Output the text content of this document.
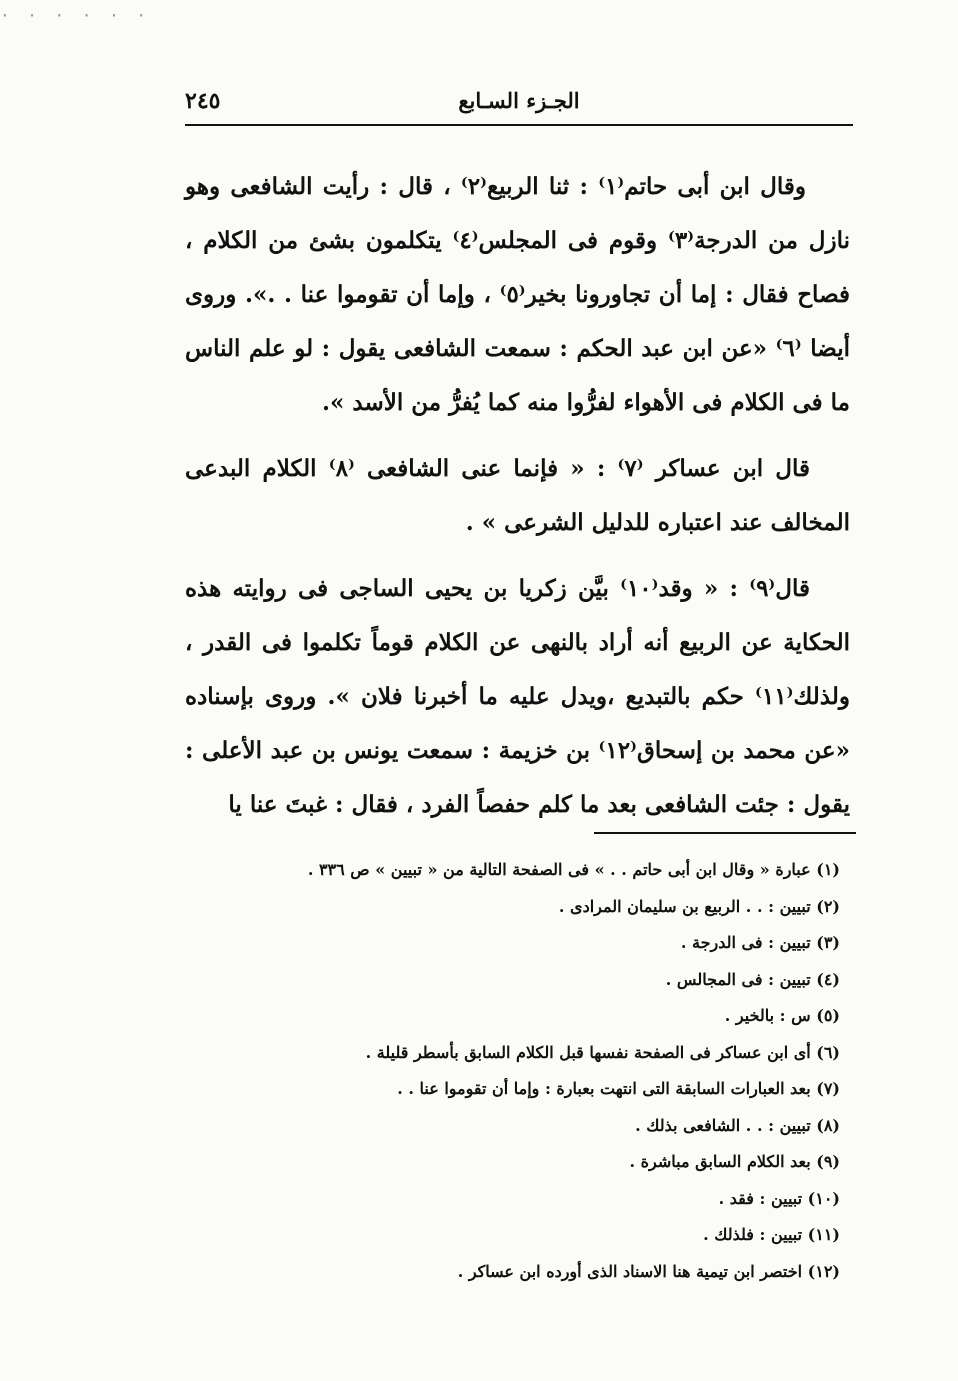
· · · · · ·
٢٤٥	الجـزء السـابع

وقال ابن أبى حاتم⁽١⁾ : ثنا الربيع⁽٢⁾ ، قال : رأيت الشافعى وهو نازل من الدرجة⁽٣⁾ وقوم فى المجلس⁽٤⁾ يتكلمون بشئ من الكلام ، فصاح فقال : إما أن تجاورونا بخير⁽٥⁾ ، وإما أن تقوموا عنا . .». وروى أيضا ⁽٦⁾ «عن ابن عبد الحكم : سمعت الشافعى يقول : لو علم الناس ما فى الكلام فى الأهواء لفرُّوا منه كما يُفرُّ من الأسد ».

قال ابن عساكر ⁽٧⁾ : « فإنما عنى الشافعى ⁽٨⁾ الكلام البدعى المخالف عند اعتباره للدليل الشرعى » .

قال⁽٩⁾ : « وقد⁽١٠⁾ بيَّن زكريا بن يحيى الساجى فى روايته هذه الحكاية عن الربيع أنه أراد بالنهى عن الكلام قوماً تكلموا فى القدر ، ولذلك⁽١١⁾ حكم بالتبديع ،ويدل عليه ما أخبرنا فلان ». وروى بإسناده «عن محمد بن إسحاق⁽١٢⁾ بن خزيمة : سمعت يونس بن عبد الأعلى : يقول : جئت الشافعى بعد ما كلم حفصاً الفرد ، فقال : غبتَ عنا يا

(١) عبارة « وقال ابن أبى حاتم . . » فى الصفحة التالية من « تبيين » ص ٣٣٦ .
(٢) تبيين : . . الربيع بن سليمان المرادى .
(٣) تبيين : فى الدرجة .
(٤) تبيين : فى المجالس .
(٥) س : بالخير .
(٦) أى ابن عساكر فى الصفحة نفسها قبل الكلام السابق بأسطر قليلة .
(٧) بعد العبارات السابقة التى انتهت بعبارة : وإما أن تقوموا عنا . .
(٨) تبيين : . . الشافعى بذلك .
(٩) بعد الكلام السابق مباشرة .
(١٠) تبيين : فقد .
(١١) تبيين : فلذلك .
(١٢) اختصر ابن تيمية هنا الاسناد الذى أورده ابن عساكر .
